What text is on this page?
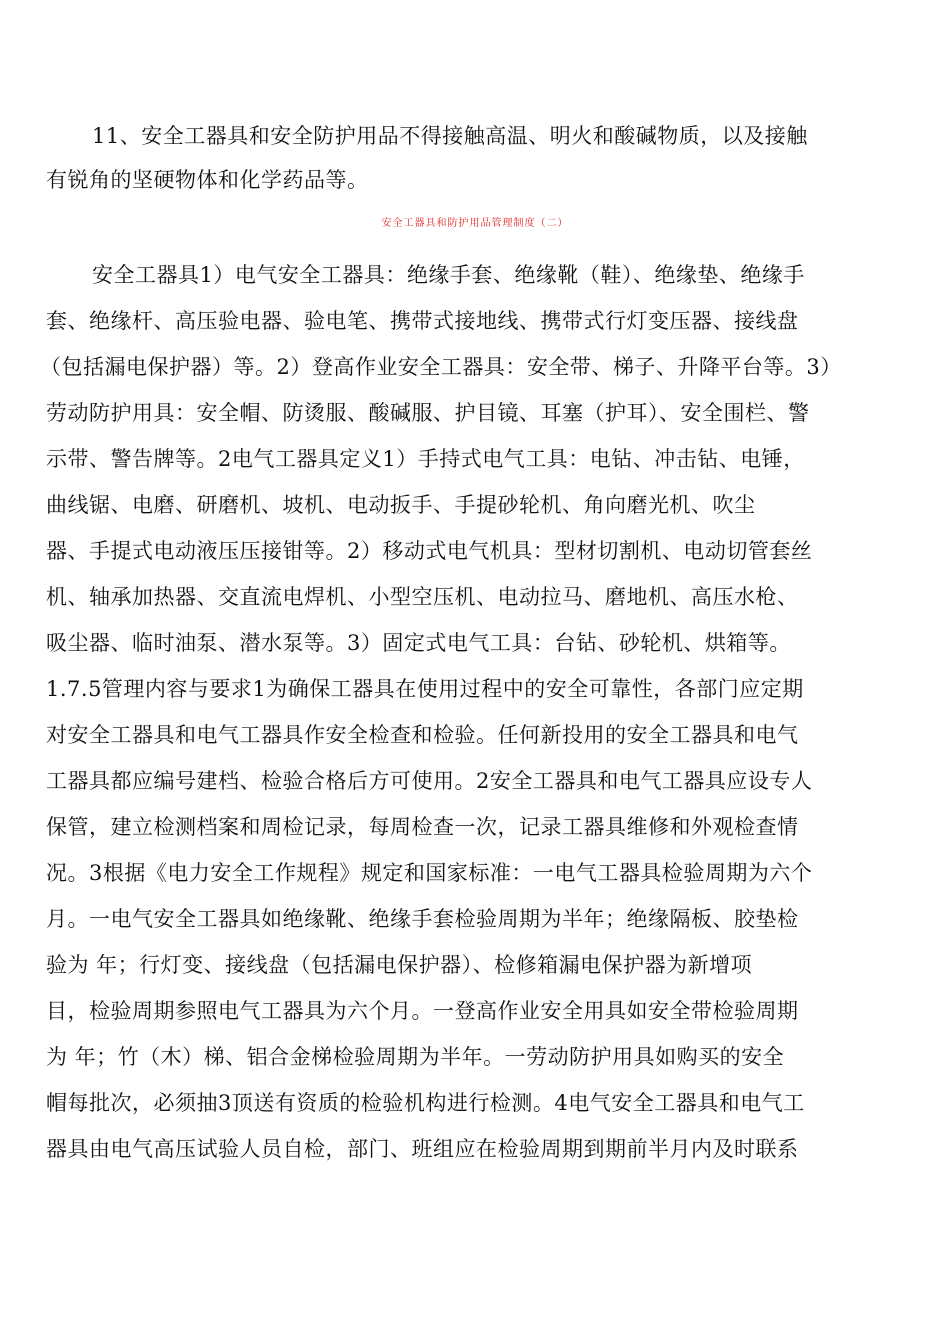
11、安全工器具和安全防护用品不得接触高温、明火和酸碱物质，以及接触
有锐角的坚硬物体和化学药品等。
安全工器具和防护用品管理制度（二）
安全工器具1）电气安全工器具：绝缘手套、绝缘靴（鞋）、绝缘垫、绝缘手
套、绝缘杆、高压验电器、验电笔、携带式接地线、携带式行灯变压器、接线盘
（包括漏电保护器）等。2）登高作业安全工器具：安全带、梯子、升降平台等。3）
劳动防护用具：安全帽、防烫服、酸碱服、护目镜、耳塞（护耳）、安全围栏、警
示带、警告牌等。2电气工器具定义1）手持式电气工具：电钻、冲击钻、电锤，
曲线锯、电磨、研磨机、坡机、电动扳手、手提砂轮机、角向磨光机、吹尘
器、手提式电动液压压接钳等。2）移动式电气机具：型材切割机、电动切管套丝
机、轴承加热器、交直流电焊机、小型空压机、电动拉马、磨地机、高压水枪、
吸尘器、临时油泵、潜水泵等。3）固定式电气工具：台钻、砂轮机、烘箱等。
1.7.5管理内容与要求1为确保工器具在使用过程中的安全可靠性，各部门应定期
对安全工器具和电气工器具作安全检查和检验。任何新投用的安全工器具和电气
工器具都应编号建档、检验合格后方可使用。2安全工器具和电气工器具应设专人
保管，建立检测档案和周检记录，每周检查一次，记录工器具维修和外观检查情
况。3根据《电力安全工作规程》规定和国家标准：一电气工器具检验周期为六个
月。一电气安全工器具如绝缘靴、绝缘手套检验周期为半年；绝缘隔板、胶垫检
验为 年；行灯变、接线盘（包括漏电保护器）、检修箱漏电保护器为新增项
目，检验周期参照电气工器具为六个月。一登高作业安全用具如安全带检验周期
为 年；竹（木）梯、铝合金梯检验周期为半年。一劳动防护用具如购买的安全
帽每批次，必须抽3顶送有资质的检验机构进行检测。4电气安全工器具和电气工
器具由电气高压试验人员自检，部门、班组应在检验周期到期前半月内及时联系
